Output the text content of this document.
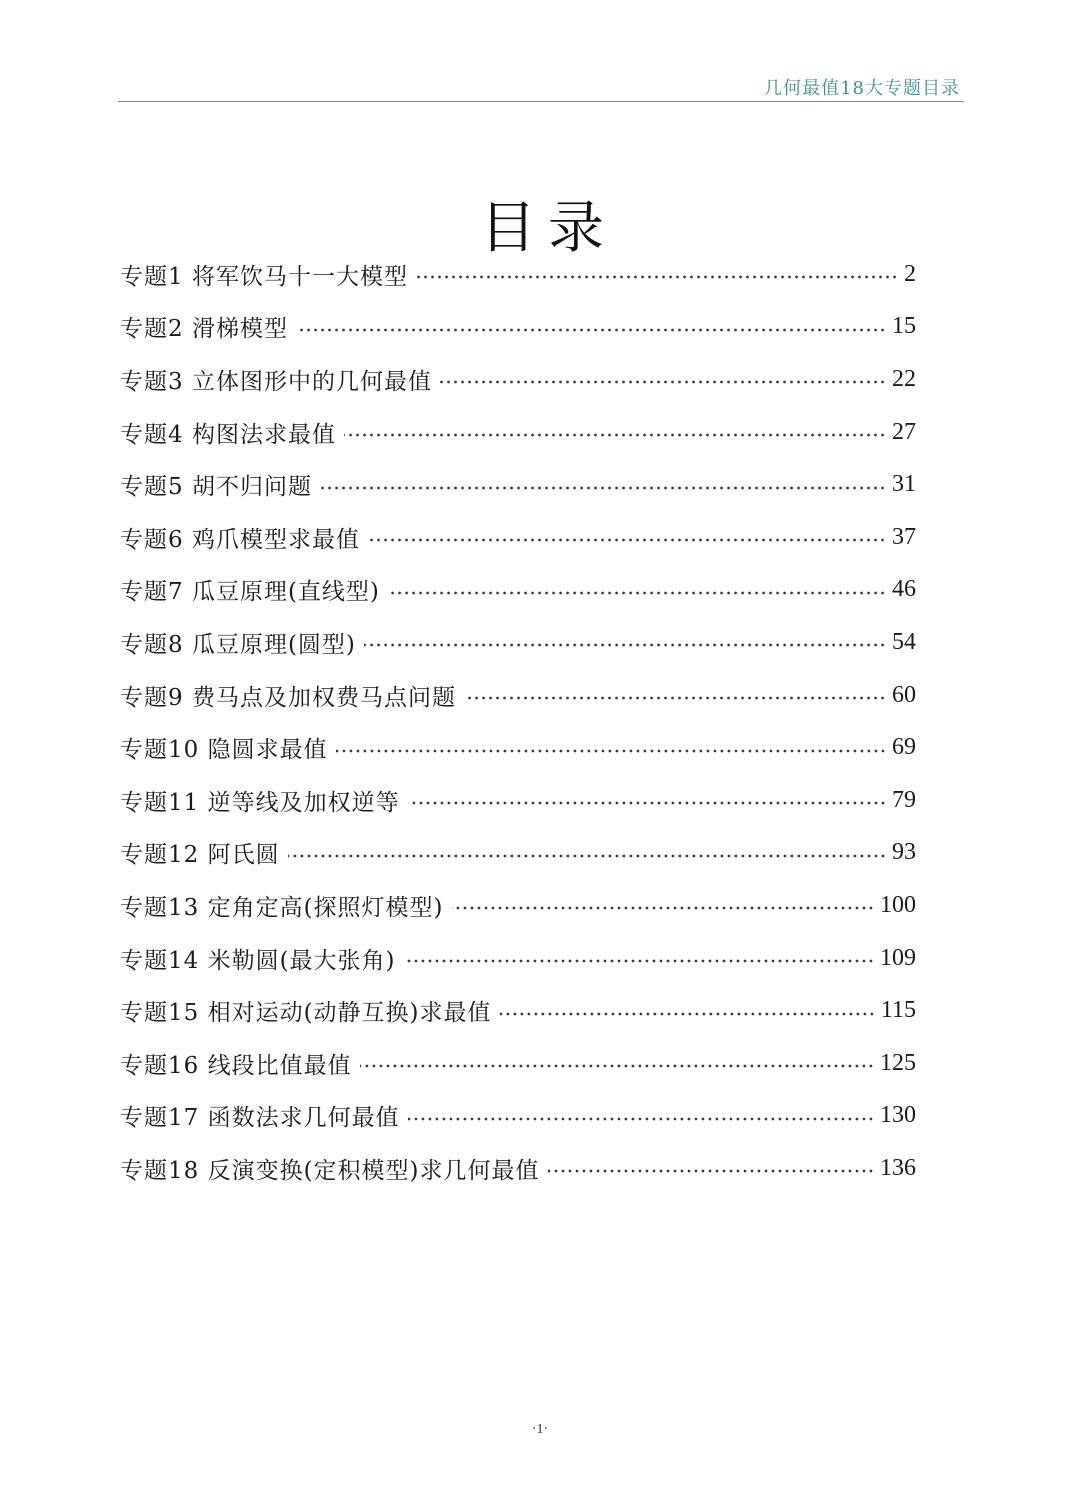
几何最值18大专题目录
目录
专题1 将军饮马十一大模型	2
专题2 滑梯模型	15
专题3 立体图形中的几何最值	22
专题4 构图法求最值	27
专题5 胡不归问题	31
专题6 鸡爪模型求最值	37
专题7 瓜豆原理(直线型)	46
专题8 瓜豆原理(圆型)	54
专题9 费马点及加权费马点问题	60
专题10 隐圆求最值	69
专题11 逆等线及加权逆等	79
专题12 阿氏圆	93
专题13 定角定高(探照灯模型)	100
专题14 米勒圆(最大张角)	109
专题15 相对运动(动静互换)求最值	115
专题16 线段比值最值	125
专题17 函数法求几何最值	130
专题18 反演变换(定积模型)求几何最值	136
·1·
